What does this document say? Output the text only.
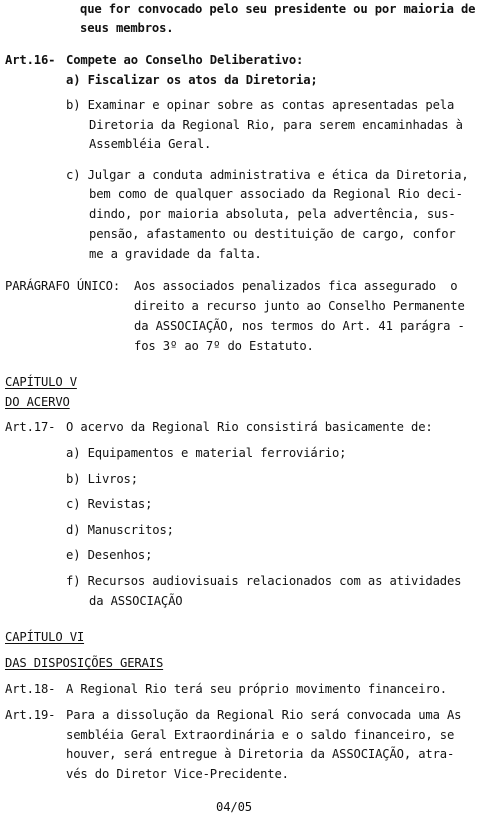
que for convocado pelo seu presidente ou por maioria de
seus membros.
Art.16- Compete ao Conselho Deliberativo:
a) Fiscalizar os atos da Diretoria;
b) Examinar e opinar sobre as contas apresentadas pela
Diretoria da Regional Rio, para serem encaminhadas à
Assembléia Geral.
c) Julgar a conduta administrativa e ética da Diretoria,
bem como de qualquer associado da Regional Rio deci-
dindo, por maioria absoluta, pela advertência, sus-
pensão, afastamento ou destituição de cargo, confor
me a gravidade da falta.
PARÁGRAFO ÚNICO: Aos associados penalizados fica assegurado  o
direito a recurso junto ao Conselho Permanente
da ASSOCIAÇÃO, nos termos do Art. 41 parágra -
fos 3º ao 7º do Estatuto.
CAPÍTULO V
DO ACERVO
Art.17- O acervo da Regional Rio consistirá basicamente de:
a) Equipamentos e material ferroviário;
b) Livros;
c) Revistas;
d) Manuscritos;
e) Desenhos;
f) Recursos audiovisuais relacionados com as atividades
da ASSOCIAÇÃO
CAPÍTULO VI
DAS DISPOSIÇÕES GERAIS
Art.18- A Regional Rio terá seu próprio movimento financeiro.
Art.19- Para a dissolução da Regional Rio será convocada uma As
sembléia Geral Extraordinária e o saldo financeiro, se
houver, será entregue à Diretoria da ASSOCIAÇÃO, atra-
vés do Diretor Vice-Precidente.
04/05
